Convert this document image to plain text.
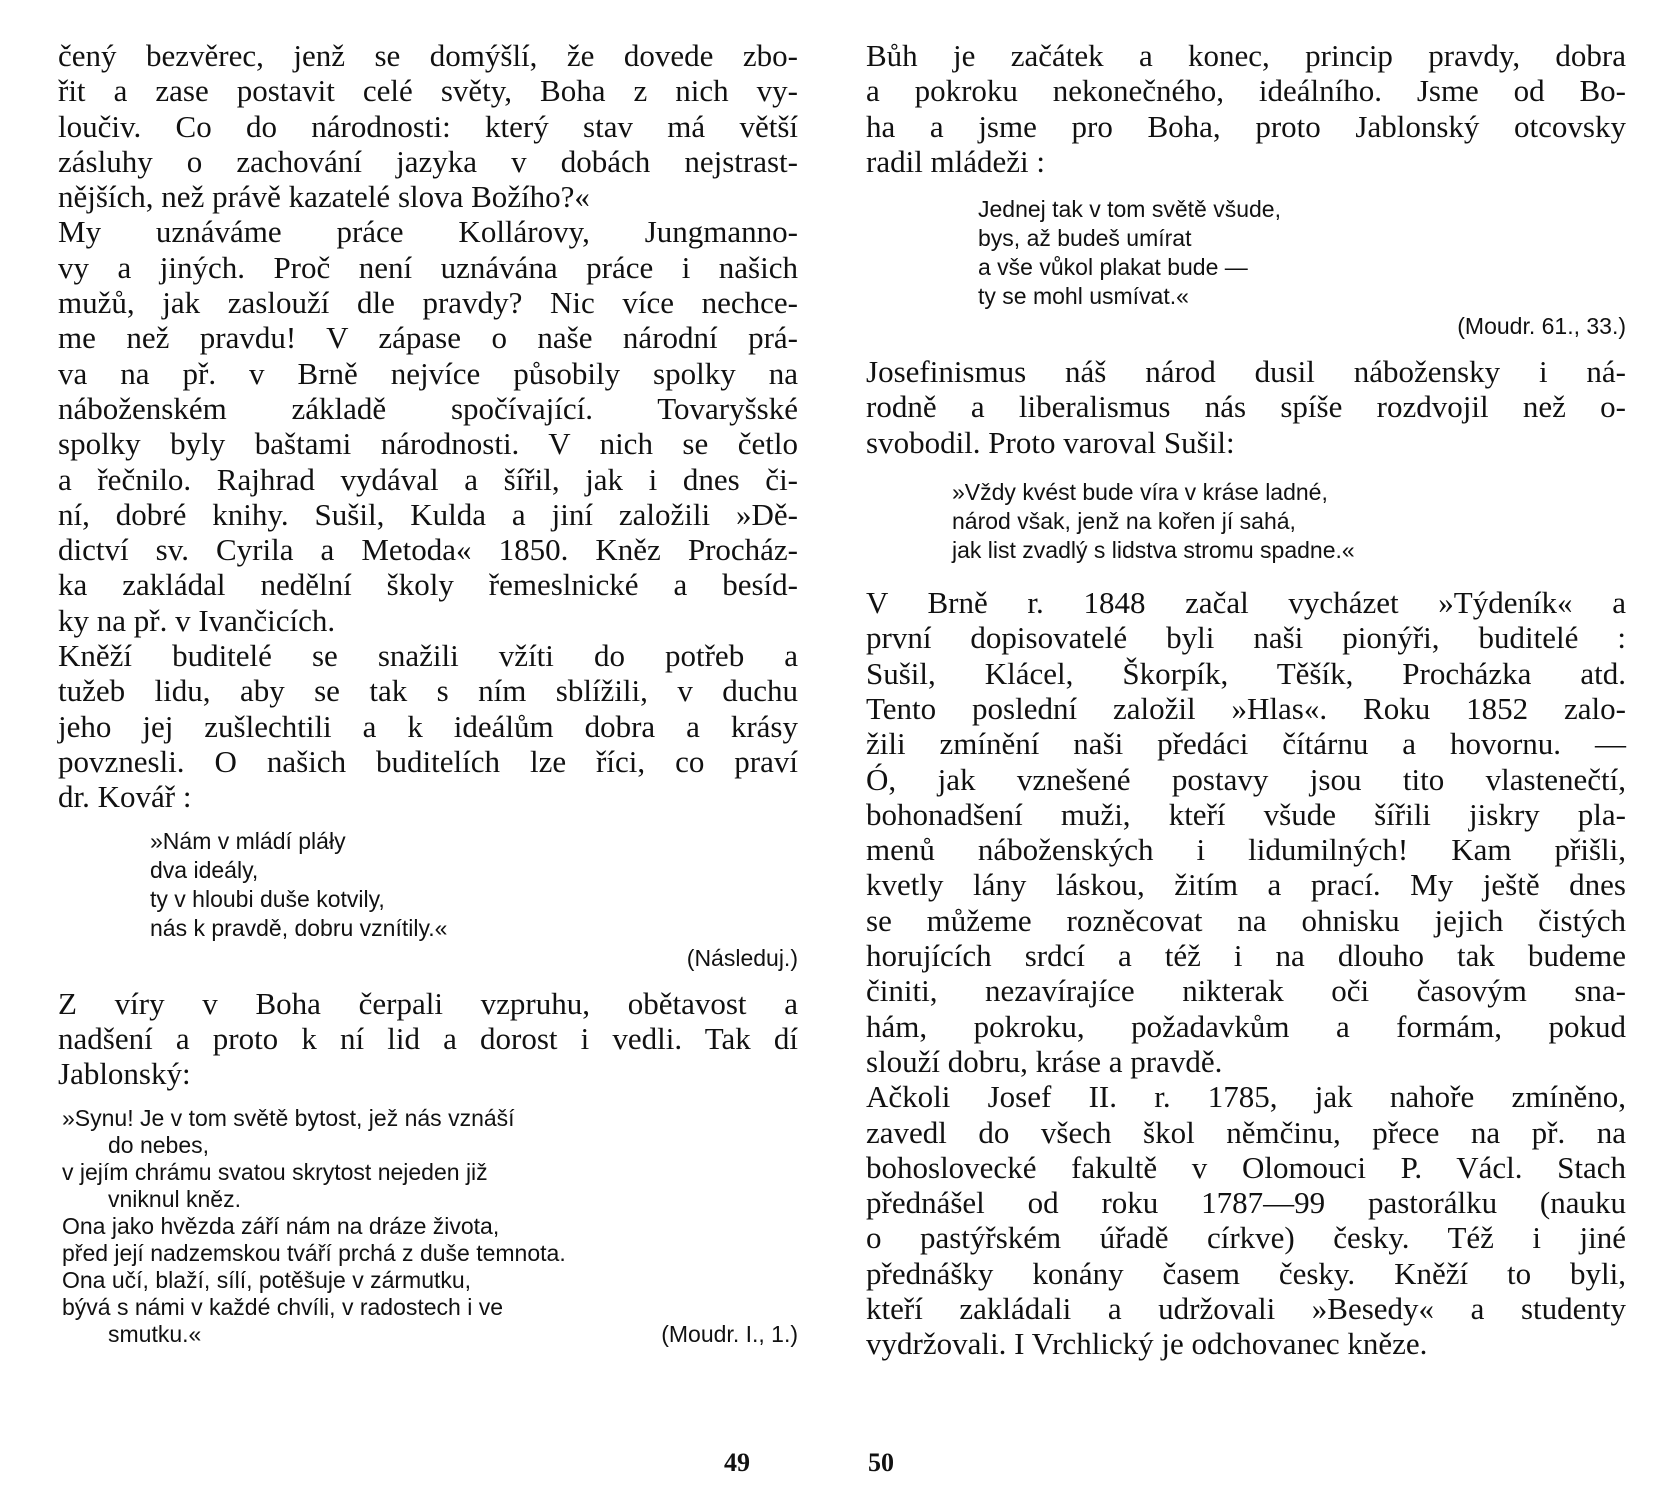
čený bezvěrec, jenž se domýšlí, že dovede zbo-
řit a zase postavit celé světy, Boha z nich vy-
loučiv. Co do národnosti: který stav má větší
zásluhy o zachování jazyka v dobách nejstrast-
nějších, než právě kazatelé slova Božího?«
My uznáváme práce Kollárovy, Jungmanno-
vy a jiných. Proč není uznávána práce i našich
mužů, jak zaslouží dle pravdy? Nic více nechce-
me než pravdu! V zápase o naše národní prá-
va na př. v Brně nejvíce působily spolky na
náboženském základě spočívající. Tovaryšské
spolky byly baštami národnosti. V nich se četlo
a řečnilo. Rajhrad vydával a šířil, jak i dnes či-
ní, dobré knihy. Sušil, Kulda a jiní založili »Dě-
dictví sv. Cyrila a Metoda« 1850. Kněz Procház-
ka zakládal nedělní školy řemeslnické a besíd-
ky na př. v Ivančicích.
Kněží buditelé se snažili vžíti do potřeb a
tužeb lidu, aby se tak s ním sblížili, v duchu
jeho jej zušlechtili a k ideálům dobra a krásy
povznesli. O našich buditelích lze říci, co praví
dr. Kovář :
»Nám v mládí pláły
dva ideály,
ty v hloubi duše kotvily,
nás k pravdě, dobru vznítily.«
(Následuj.)
Z víry v Boha čerpali vzpruhu, obětavost a
nadšení a proto k ní lid a dorost i vedli. Tak dí
Jablonský:
»Synu! Je v tom světě bytost, jež nás vznáší
do nebes,
v jejím chrámu svatou skrytost nejeden již
vniknul kněz.
Ona jako hvězda září nám na dráze života,
před její nadzemskou tváří prchá z duše temnota.
Ona učí, blaží, sílí, potěšuje v zármutku,
bývá s námi v každé chvíli, v radostech i ve
smutku.«	(Moudr. I., 1.)
49
Bůh je začátek a konec, princip pravdy, dobra
a pokroku nekonečného, ideálního. Jsme od Bo-
ha a jsme pro Boha, proto Jablonský otcovsky
radil mládeži :
Jednej tak v tom světě všude,
bys, až budeš umírat
a vše vůkol plakat bude —
ty se mohl usmívat.«
(Moudr. 61., 33.)
Josefinismus náš národ dusil nábožensky i ná-
rodně a liberalismus nás spíše rozdvojil než o-
svobodil. Proto varoval Sušil:
»Vždy kvést bude víra v kráse ladné,
národ však, jenž na kořen jí sahá,
jak list zvadlý s lidstva stromu spadne.«
V Brně r. 1848 začal vycházet »Týdeník« a
první dopisovatelé byli naši pionýři, buditelé :
Sušil, Klácel, Škorpík, Těšík, Procházka atd.
Tento poslední založil »Hlas«. Roku 1852 zalo-
žili zmínění naši předáci čítárnu a hovornu. —
Ó, jak vznešené postavy jsou tito vlastenečtí,
bohonadšení muži, kteří všude šířili jiskry pla-
menů náboženských i lidumilných! Kam přišli,
kvetly lány láskou, žitím a prací. My ještě dnes
se můžeme rozněcovat na ohnisku jejich čistých
horujících srdcí a též i na dlouho tak budeme
činiti, nezavírajíce nikterak oči časovým sna-
hám, pokroku, požadavkům a formám, pokud
slouží dobru, kráse a pravdě.
Ačkoli Josef II. r. 1785, jak nahoře zmíněno,
zavedl do všech škol němčinu, přece na př. na
bohoslovecké fakultě v Olomouci P. Václ. Stach
přednášel od roku 1787—99 pastorálku (nauku
o pastýřském úřadě církve) česky. Též i jiné
přednášky konány časem česky. Kněží to byli,
kteří zakládali a udržovali »Besedy« a studenty
vydržovali. I Vrchlický je odchovanec kněze.
50
